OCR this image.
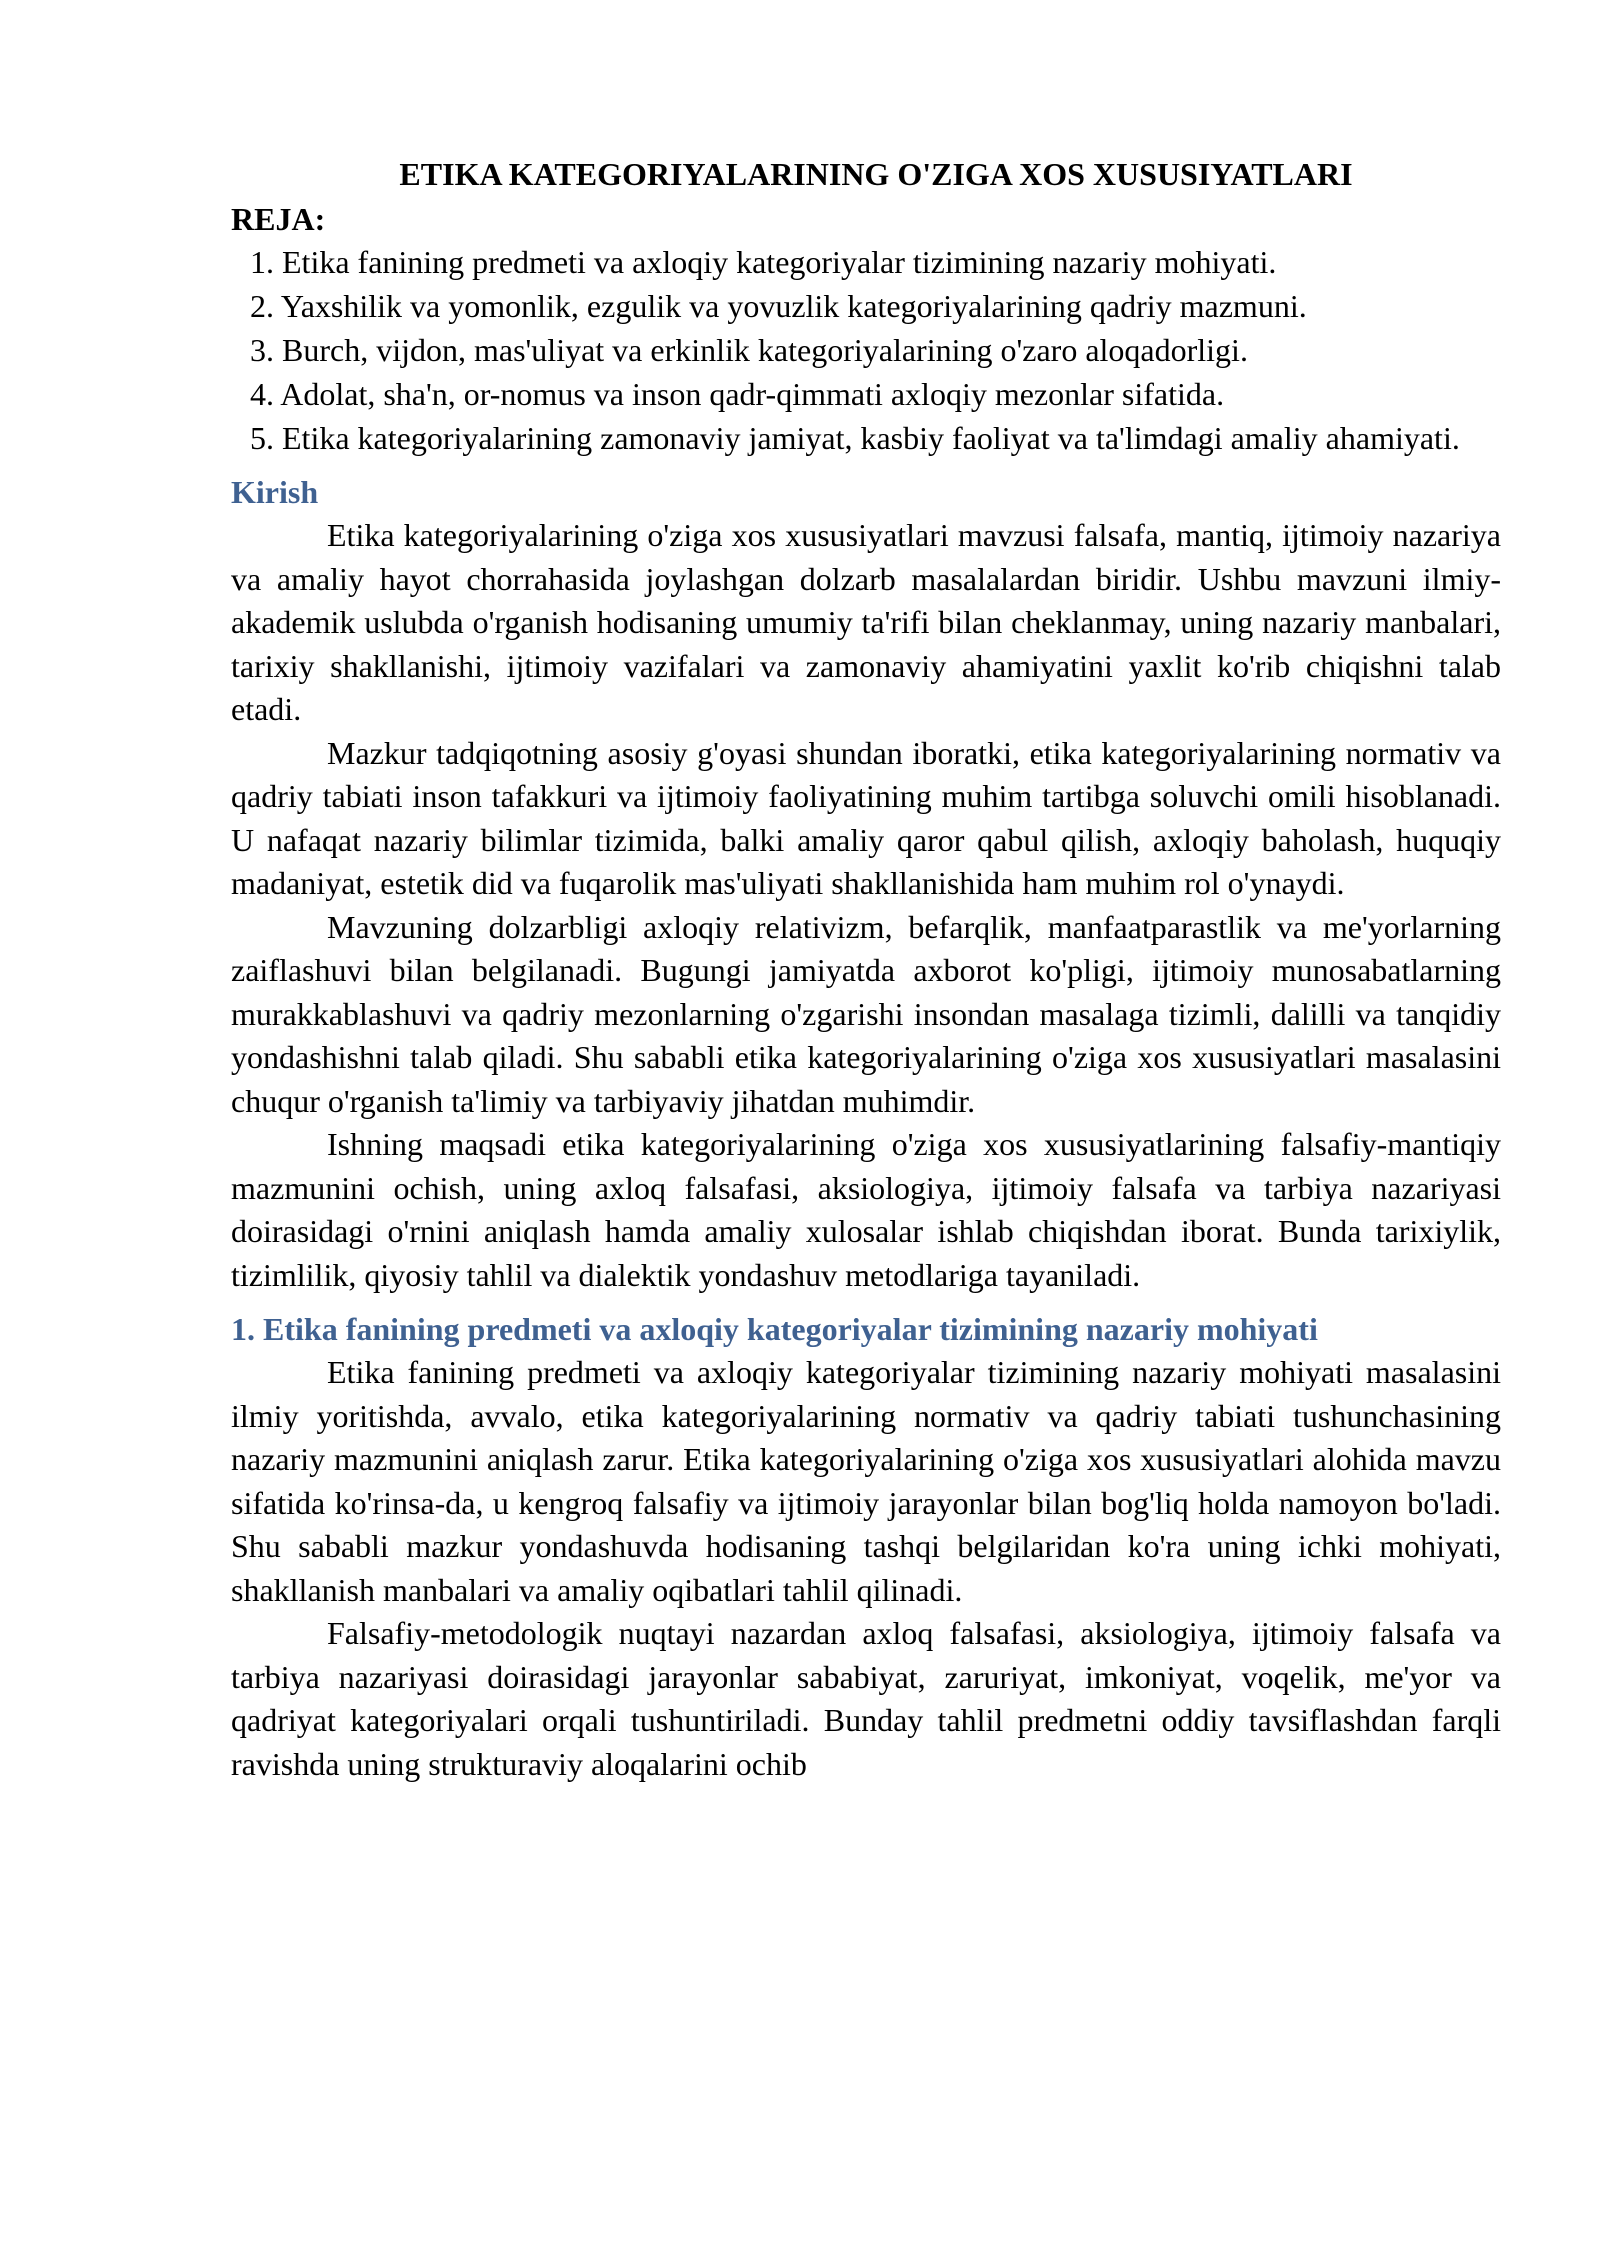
ETIKA KATEGORIYALARINING O'ZIGA XOS XUSUSIYATLARI
REJA:
1. Etika fanining predmeti va axloqiy kategoriyalar tizimining nazariy mohiyati.
2. Yaxshilik va yomonlik, ezgulik va yovuzlik kategoriyalarining qadriy mazmuni.
3. Burch, vijdon, mas'uliyat va erkinlik kategoriyalarining o'zaro aloqadorligi.
4. Adolat, sha'n, or-nomus va inson qadr-qimmati axloqiy mezonlar sifatida.
5. Etika kategoriyalarining zamonaviy jamiyat, kasbiy faoliyat va ta'limdagi amaliy ahamiyati.
Kirish

Etika kategoriyalarining o'ziga xos xususiyatlari mavzusi falsafa, mantiq, ijtimoiy nazariya va amaliy hayot chorrahasida joylashgan dolzarb masalalardan biridir. Ushbu mavzuni ilmiy-akademik uslubda o'rganish hodisaning umumiy ta'rifi bilan cheklanmay, uning nazariy manbalari, tarixiy shakllanishi, ijtimoiy vazifalari va zamonaviy ahamiyatini yaxlit ko'rib chiqishni talab etadi.

Mazkur tadqiqotning asosiy g'oyasi shundan iboratki, etika kategoriyalarining normativ va qadriy tabiati inson tafakkuri va ijtimoiy faoliyatining muhim tartibga soluvchi omili hisoblanadi. U nafaqat nazariy bilimlar tizimida, balki amaliy qaror qabul qilish, axloqiy baholash, huquqiy madaniyat, estetik did va fuqarolik mas'uliyati shakllanishida ham muhim rol o'ynaydi.

Mavzuning dolzarbligi axloqiy relativizm, befarqlik, manfaatparastlik va me'yorlarning zaiflashuvi bilan belgilanadi. Bugungi jamiyatda axborot ko'pligi, ijtimoiy munosabatlarning murakkablashuvi va qadriy mezonlarning o'zgarishi insondan masalaga tizimli, dalilli va tanqidiy yondashishni talab qiladi. Shu sababli etika kategoriyalarining o'ziga xos xususiyatlari masalasini chuqur o'rganish ta'limiy va tarbiyaviy jihatdan muhimdir.

Ishning maqsadi etika kategoriyalarining o'ziga xos xususiyatlarining falsafiy-mantiqiy mazmunini ochish, uning axloq falsafasi, aksiologiya, ijtimoiy falsafa va tarbiya nazariyasi doirasidagi o'rnini aniqlash hamda amaliy xulosalar ishlab chiqishdan iborat. Bunda tarixiylik, tizimlilik, qiyosiy tahlil va dialektik yondashuv metodlariga tayaniladi.

1. Etika fanining predmeti va axloqiy kategoriyalar tizimining nazariy mohiyati

Etika fanining predmeti va axloqiy kategoriyalar tizimining nazariy mohiyati masalasini ilmiy yoritishda, avvalo, etika kategoriyalarining normativ va qadriy tabiati tushunchasining nazariy mazmunini aniqlash zarur. Etika kategoriyalarining o'ziga xos xususiyatlari alohida mavzu sifatida ko'rinsa-da, u kengroq falsafiy va ijtimoiy jarayonlar bilan bog'liq holda namoyon bo'ladi. Shu sababli mazkur yondashuvda hodisaning tashqi belgilaridan ko'ra uning ichki mohiyati, shakllanish manbalari va amaliy oqibatlari tahlil qilinadi.

Falsafiy-metodologik nuqtayi nazardan axloq falsafasi, aksiologiya, ijtimoiy falsafa va tarbiya nazariyasi doirasidagi jarayonlar sababiyat, zaruriyat, imkoniyat, voqelik, me'yor va qadriyat kategoriyalari orqali tushuntiriladi. Bunday tahlil predmetni oddiy tavsiflashdan farqli ravishda uning strukturaviy aloqalarini ochib
